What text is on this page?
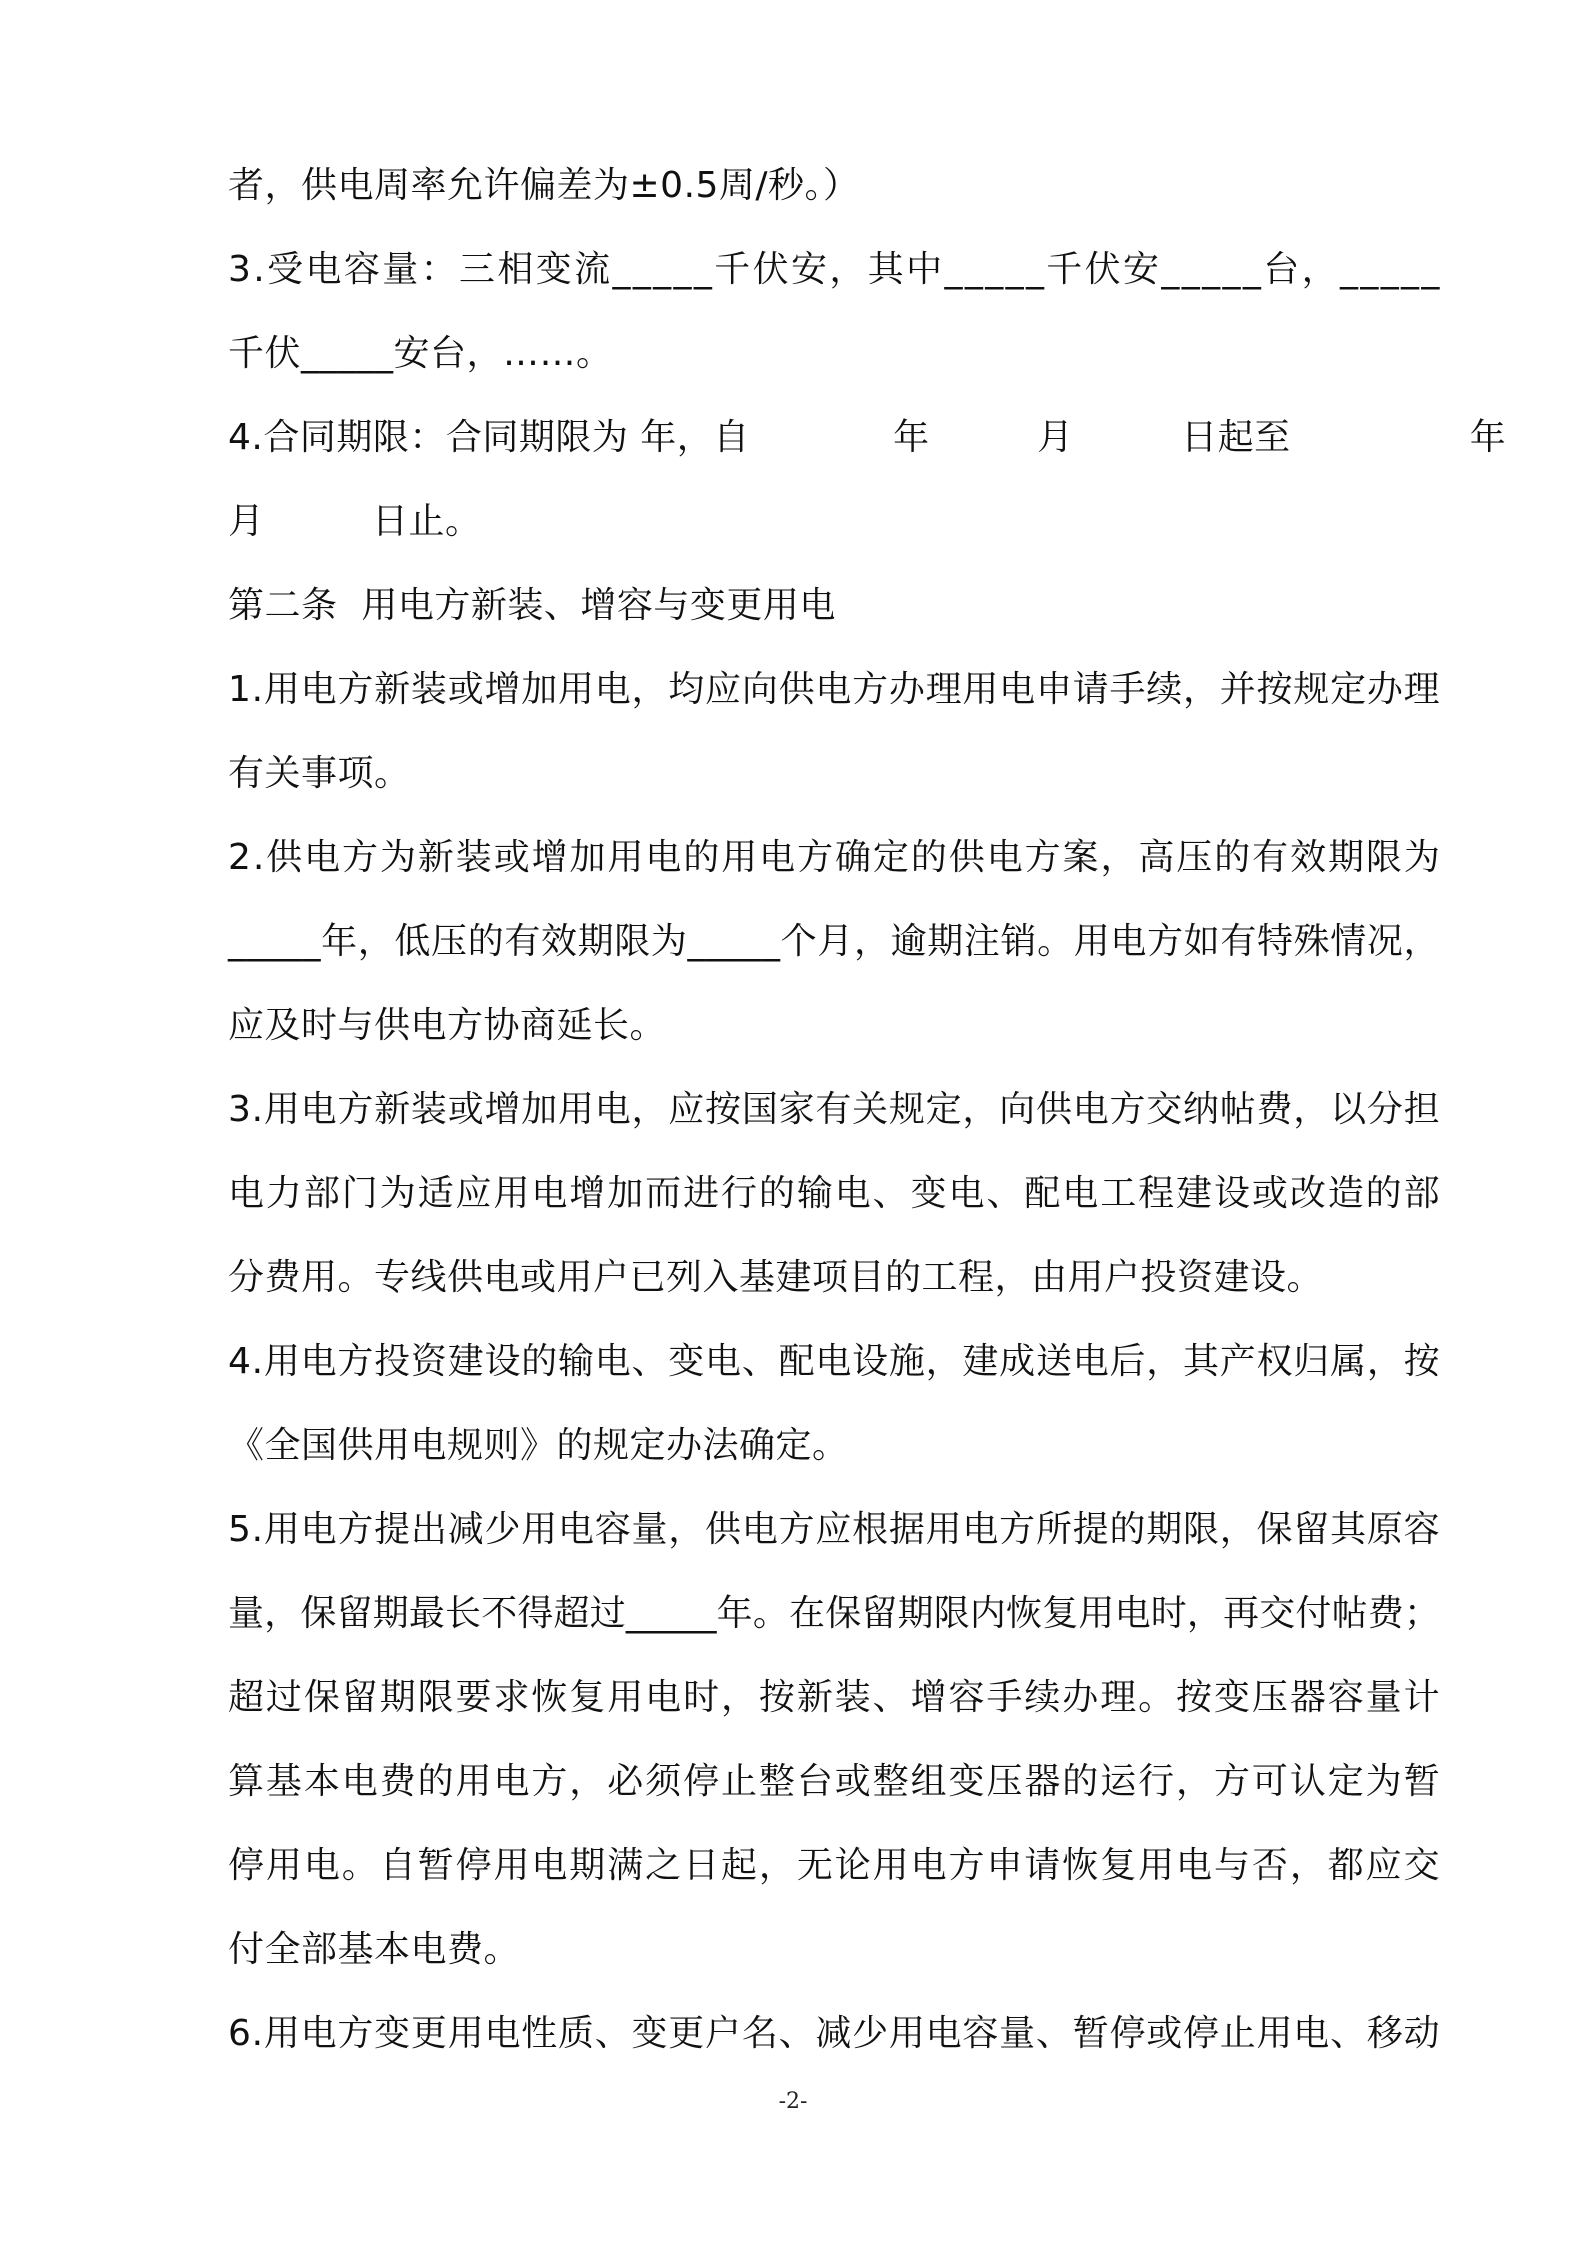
者，供电周率允许偏差为±0.5周/秒。）
3 . 受 电 容 量 ： 三 相 变 流 _ _ _ _ _ 千 伏 安 ， 其 中 _ _ _ _ _ 千 伏 安 _ _ _ _ _ 台 ， _ _ _ _ _
千伏_____安台，……。
4.合同期限：合同期限为 年，自            年         月         日起至               年
月         日止。
第二条  用电方新装、增容与变更用电
1 . 用 电 方 新 装 或 增 加 用 电 ， 均 应 向 供 电 方 办 理 用 电 申 请 手 续 ， 并 按 规 定 办 理
有关事项。
2 . 供 电 方 为 新 装 或 增 加 用 电 的 用 电 方 确 定 的 供 电 方 案 ， 高 压 的 有 效 期 限 为
_ _ _ _ _ 年 ， 低 压 的 有 效 期 限 为 _ _ _ _ _ 个 月 ， 逾 期 注 销 。 用 电 方 如 有 特 殊 情 况 ，
应及时与供电方协商延长。
3 . 用 电 方 新 装 或 增 加 用 电 ， 应 按 国 家 有 关 规 定 ， 向 供 电 方 交 纳 帖 费 ， 以 分 担
电 力 部 门 为 适 应 用 电 增 加 而 进 行 的 输 电 、 变 电 、 配 电 工 程 建 设 或 改 造 的 部
分费用。专线供电或用户已列入基建项目的工程，由用户投资建设。
4 . 用 电 方 投 资 建 设 的 输 电 、 变 电 、 配 电 设 施 ， 建 成 送 电 后 ， 其 产 权 归 属 ， 按
《全国供用电规则》的规定办法确定。
5 . 用 电 方 提 出 减 少 用 电 容 量 ， 供 电 方 应 根 据 用 电 方 所 提 的 期 限 ， 保 留 其 原 容
量 ， 保 留 期 最 长 不 得 超 过 _ _ _ _ _ 年 。 在 保 留 期 限 内 恢 复 用 电 时 ， 再 交 付 帖 费 ；
超 过 保 留 期 限 要 求 恢 复 用 电 时 ， 按 新 装 、 增 容 手 续 办 理 。 按 变 压 器 容 量 计
算 基 本 电 费 的 用 电 方 ， 必 须 停 止 整 台 或 整 组 变 压 器 的 运 行 ， 方 可 认 定 为 暂
停 用 电 。 自 暂 停 用 电 期 满 之 日 起 ， 无 论 用 电 方 申 请 恢 复 用 电 与 否 ， 都 应 交
付全部基本电费。
6 . 用 电 方 变 更 用 电 性 质 、 变 更 户 名 、 减 少 用 电 容 量 、 暂 停 或 停 止 用 电 、 移 动
-2-
